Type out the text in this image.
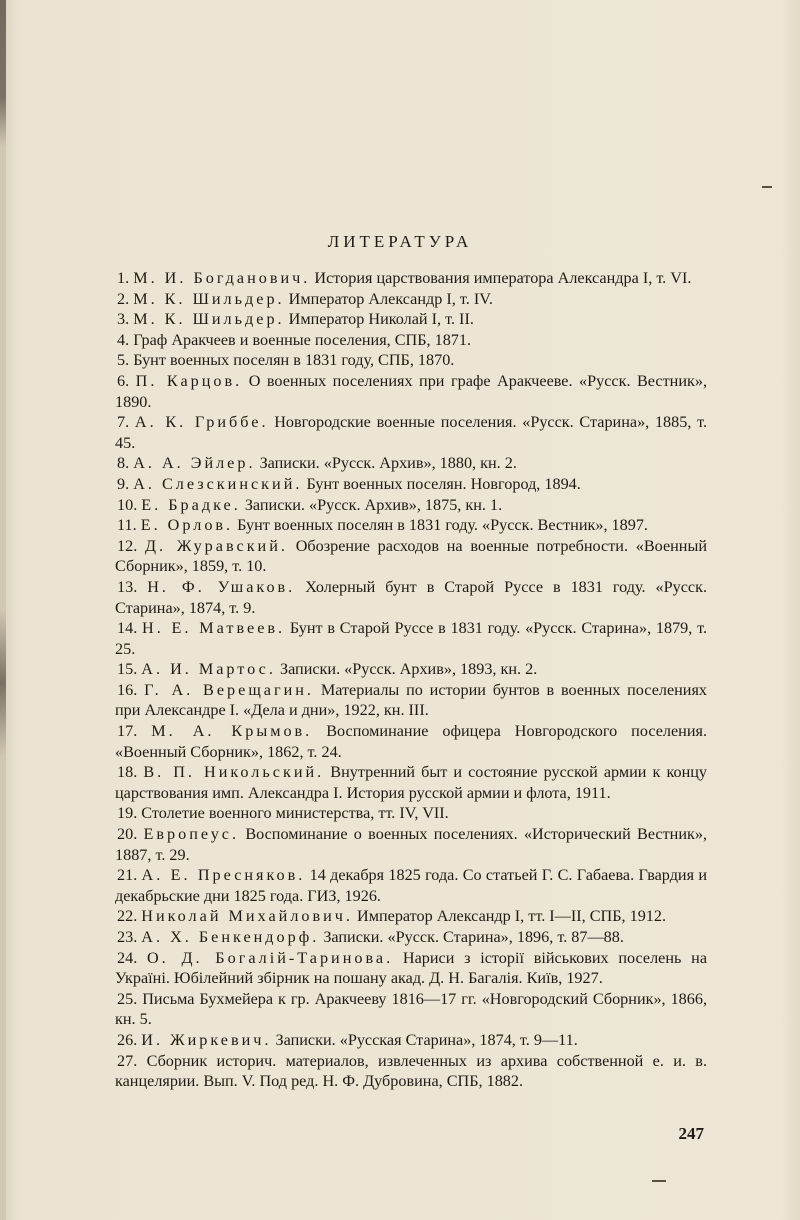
ЛИТЕРАТУРА
1. М. И. Богданович. История царствования императора Александра I, т. VI.
2. М. К. Шильдер. Император Александр I, т. IV.
3. М. К. Шильдер. Император Николай I, т. II.
4. Граф Аракчеев и военные поселения, СПБ, 1871.
5. Бунт военных поселян в 1831 году, СПБ, 1870.
6. П. Карцов. О военных поселениях при графе Аракчееве. «Русск. Вестник», 1890.
7. А. К. Гриббе. Новгородские военные поселения. «Русск. Старина», 1885, т. 45.
8. А. А. Эйлер. Записки. «Русск. Архив», 1880, кн. 2.
9. А. Слезскинский. Бунт военных поселян. Новгород, 1894.
10. Е. Брадке. Записки. «Русск. Архив», 1875, кн. 1.
11. Е. Орлов. Бунт военных поселян в 1831 году. «Русск. Вестник», 1897.
12. Д. Журавский. Обозрение расходов на военные потребности. «Военный Сборник», 1859, т. 10.
13. Н. Ф. Ушаков. Холерный бунт в Старой Руссе в 1831 году. «Русск. Старина», 1874, т. 9.
14. Н. Е. Матвеев. Бунт в Старой Руссе в 1831 году. «Русск. Старина», 1879, т. 25.
15. А. И. Мартос. Записки. «Русск. Архив», 1893, кн. 2.
16. Г. А. Верещагин. Материалы по истории бунтов в военных поселениях при Александре I. «Дела и дни», 1922, кн. III.
17. М. А. Крымов. Воспоминание офицера Новгородского поселения. «Военный Сборник», 1862, т. 24.
18. В. П. Никольский. Внутренний быт и состояние русской армии к концу царствования имп. Александра I. История русской армии и флота, 1911.
19. Столетие военного министерства, тт. IV, VII.
20. Европеус. Воспоминание о военных поселениях. «Исторический Вестник», 1887, т. 29.
21. А. Е. Пресняков. 14 декабря 1825 года. Со статьей Г. С. Габаева. Гвардия и декабрьские дни 1825 года. ГИЗ, 1926.
22. Николай Михайлович. Император Александр I, тт. I—II, СПБ, 1912.
23. А. Х. Бенкендорф. Записки. «Русск. Старина», 1896, т. 87—88.
24. О. Д. Богалій-Таринова. Нариси з історії військових поселень на Україні. Юбілейний збірник на пошану акад. Д. Н. Багалія. Київ, 1927.
25. Письма Бухмейера к гр. Аракчееву 1816—17 гг. «Новгородский Сборник», 1866, кн. 5.
26. И. Жиркевич. Записки. «Русская Старина», 1874, т. 9—11.
27. Сборник историч. материалов, извлеченных из архива собственной е. и. в. канцелярии. Вып. V. Под ред. Н. Ф. Дубровина, СПБ, 1882.
247
